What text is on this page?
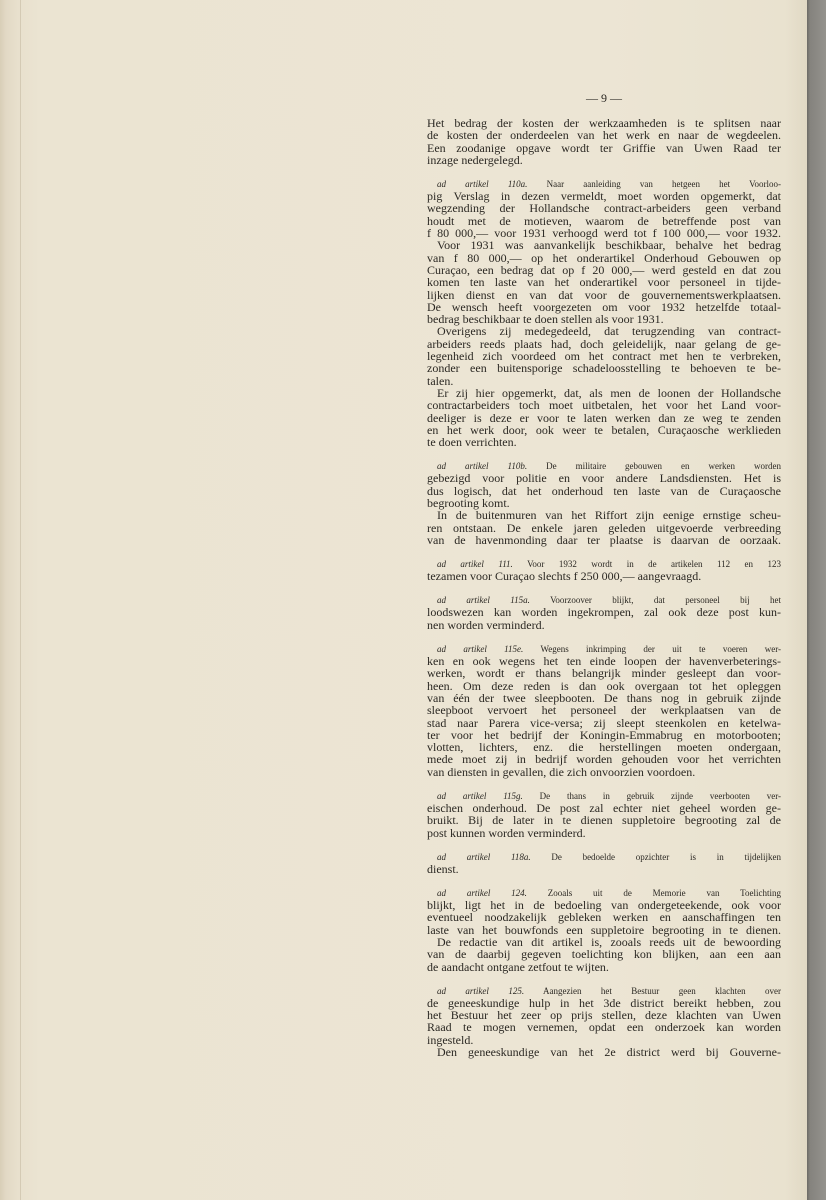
— 9 —
Het bedrag der kosten der werkzaamheden is te splitsen naar
de kosten der onderdeelen van het werk en naar de wegdeelen.
Een zoodanige opgave wordt ter Griffie van Uwen Raad ter
inzage nedergelegd.
ad artikel 110a. Naar aanleiding van hetgeen het Voorloo-
pig Verslag in dezen vermeldt, moet worden opgemerkt, dat
wegzending der Hollandsche contract-arbeiders geen verband
houdt met de motieven, waarom de betreffende post van
f 80 000,— voor 1931 verhoogd werd tot f 100 000,— voor 1932.
Voor 1931 was aanvankelijk beschikbaar, behalve het bedrag
van f 80 000,— op het onderartikel Onderhoud Gebouwen op
Curaçao, een bedrag dat op f 20 000,— werd gesteld en dat zou
komen ten laste van het onderartikel voor personeel in tijde-
lijken dienst en van dat voor de gouvernementswerkplaatsen.
De wensch heeft voorgezeten om voor 1932 hetzelfde totaal-
bedrag beschikbaar te doen stellen als voor 1931.
Overigens zij medegedeeld, dat terugzending van contract-
arbeiders reeds plaats had, doch geleidelijk, naar gelang de ge-
legenheid zich voordeed om het contract met hen te verbreken,
zonder een buitensporige schadeloosstelling te behoeven te be-
talen.
Er zij hier opgemerkt, dat, als men de loonen der Hollandsche
contractarbeiders toch moet uitbetalen, het voor het Land voor-
deeliger is deze er voor te laten werken dan ze weg te zenden
en het werk door, ook weer te betalen, Curaçaosche werklieden
te doen verrichten.
ad artikel 110b. De militaire gebouwen en werken worden
gebezigd voor politie en voor andere Landsdiensten. Het is
dus logisch, dat het onderhoud ten laste van de Curaçaosche
begrooting komt.
In de buitenmuren van het Riffort zijn eenige ernstige scheu-
ren ontstaan. De enkele jaren geleden uitgevoerde verbreeding
van de havenmonding daar ter plaatse is daarvan de oorzaak.
ad artikel 111. Voor 1932 wordt in de artikelen 112 en 123
tezamen voor Curaçao slechts f 250 000,— aangevraagd.
ad artikel 115a. Voorzoover blijkt, dat personeel bij het
loodswezen kan worden ingekrompen, zal ook deze post kun-
nen worden verminderd.
ad artikel 115e. Wegens inkrimping der uit te voeren wer-
ken en ook wegens het ten einde loopen der havenverbeterings-
werken, wordt er thans belangrijk minder gesleept dan voor-
heen. Om deze reden is dan ook overgaan tot het opleggen
van één der twee sleepbooten. De thans nog in gebruik zijnde
sleepboot vervoert het personeel der werkplaatsen van de
stad naar Parera vice-versa; zij sleept steenkolen en ketelwa-
ter voor het bedrijf der Koningin-Emmabrug en motorbooten;
vlotten, lichters, enz. die herstellingen moeten ondergaan,
mede moet zij in bedrijf worden gehouden voor het verrichten
van diensten in gevallen, die zich onvoorzien voordoen.
ad artikel 115g. De thans in gebruik zijnde veerbooten ver-
eischen onderhoud. De post zal echter niet geheel worden ge-
bruikt. Bij de later in te dienen suppletoire begrooting zal de
post kunnen worden verminderd.
ad artikel 118a. De bedoelde opzichter is in tijdelijken
dienst.
ad artikel 124. Zooals uit de Memorie van Toelichting
blijkt, ligt het in de bedoeling van ondergeteekende, ook voor
eventueel noodzakelijk gebleken werken en aanschaffingen ten
laste van het bouwfonds een suppletoire begrooting in te dienen.
De redactie van dit artikel is, zooals reeds uit de bewoording
van de daarbij gegeven toelichting kon blijken, aan een aan
de aandacht ontgane zetfout te wijten.
ad artikel 125. Aangezien het Bestuur geen klachten over
de geneeskundige hulp in het 3de district bereikt hebben, zou
het Bestuur het zeer op prijs stellen, deze klachten van Uwen
Raad te mogen vernemen, opdat een onderzoek kan worden
ingesteld.
Den geneeskundige van het 2e district werd bij Gouverne-
